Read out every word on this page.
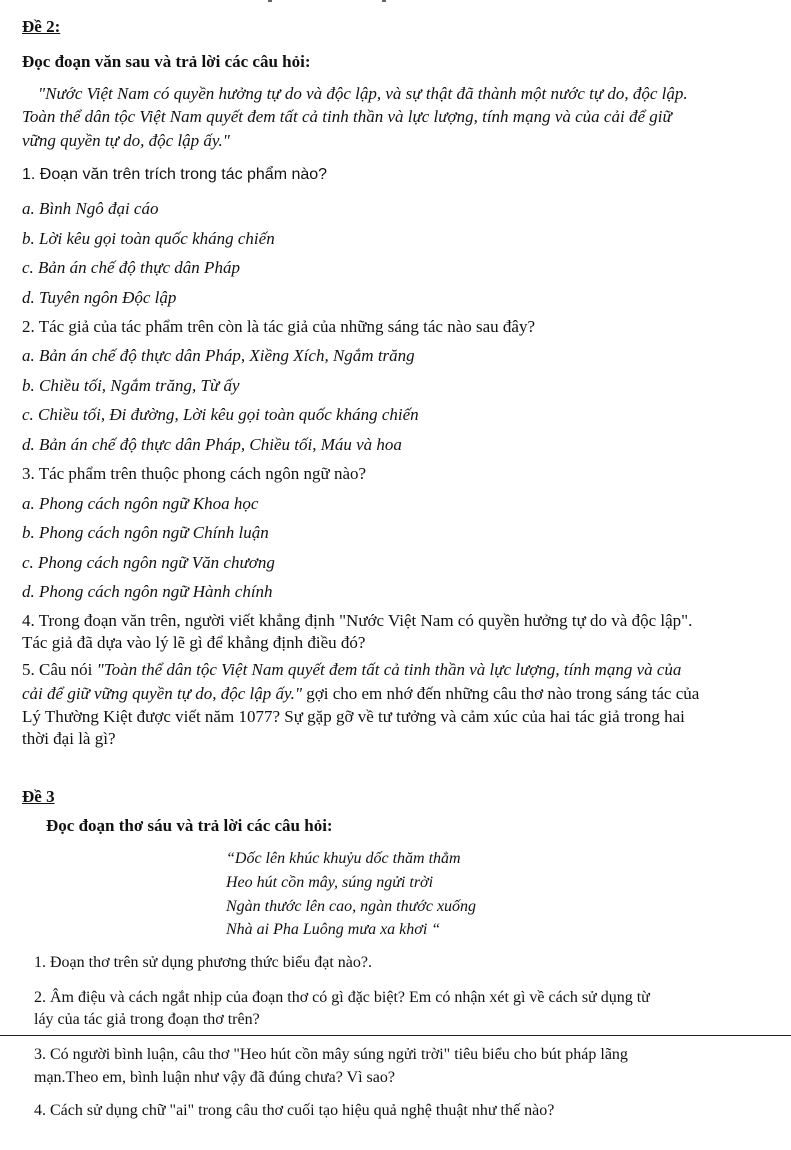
Đề 2:
Đọc đoạn văn sau và trả lời các câu hỏi:
"Nước Việt Nam có quyền hưởng tự do và độc lập, và sự thật đã thành một nước tự do, độc lập.
Toàn thể dân tộc Việt Nam quyết đem tất cả tinh thần và lực lượng, tính mạng và của cải để giữ
vững quyền tự do, độc lập ấy."
1. Đoạn văn trên trích trong tác phẩm nào?
a. Bình Ngô đại cáo
b. Lời kêu gọi toàn quốc kháng chiến
c. Bản án chế độ thực dân Pháp
d. Tuyên ngôn Độc lập
2. Tác giả của tác phẩm trên còn là tác giả của những sáng tác nào sau đây?
a. Bản án chế độ thực dân Pháp, Xiềng Xích, Ngắm trăng
b. Chiều tối, Ngắm trăng, Từ ấy
c. Chiều tối, Đi đường, Lời kêu gọi toàn quốc kháng chiến
d. Bản án chế độ thực dân Pháp, Chiều tối, Máu và hoa
3. Tác phẩm trên thuộc phong cách ngôn ngữ nào?
a. Phong cách ngôn ngữ Khoa học
b. Phong cách ngôn ngữ Chính luận
c. Phong cách ngôn ngữ Văn chương
d. Phong cách ngôn ngữ Hành chính
4. Trong đoạn văn trên, người viết khẳng định "Nước Việt Nam có quyền hưởng tự do và độc lập".
Tác giả đã dựa vào lý lẽ gì để khẳng định điều đó?
5. Câu nói "Toàn thể dân tộc Việt Nam quyết đem tất cả tinh thần và lực lượng, tính mạng và của
cải để giữ vững quyền tự do, độc lập ấy." gợi cho em nhớ đến những câu thơ nào trong sáng tác của
Lý Thường Kiệt được viết năm 1077? Sự gặp gỡ về tư tưởng và cảm xúc của hai tác giả trong hai
thời đại là gì?
Đề 3
Đọc đoạn thơ sáu và trả lời các câu hỏi:
“Dốc lên khúc khuỷu dốc thăm thẳm
Heo hút cồn mây, súng ngửi trời
Ngàn thước lên cao, ngàn thước xuống
Nhà ai Pha Luông mưa xa khơi “
1. Đoạn thơ trên sử dụng phương thức biểu đạt nào?.
2. Âm điệu và cách ngắt nhịp của đoạn thơ có gì đặc biệt? Em có nhận xét gì về cách sử dụng từ
láy của tác giả trong đoạn thơ trên?
3. Có người bình luận, câu thơ "Heo hút cồn mây súng ngửi trời" tiêu biểu cho bút pháp lãng
mạn.Theo em, bình luận như vậy đã đúng chưa? Vì sao?
4. Cách sử dụng chữ "ai" trong câu thơ cuối tạo hiệu quả nghệ thuật như thế nào?
